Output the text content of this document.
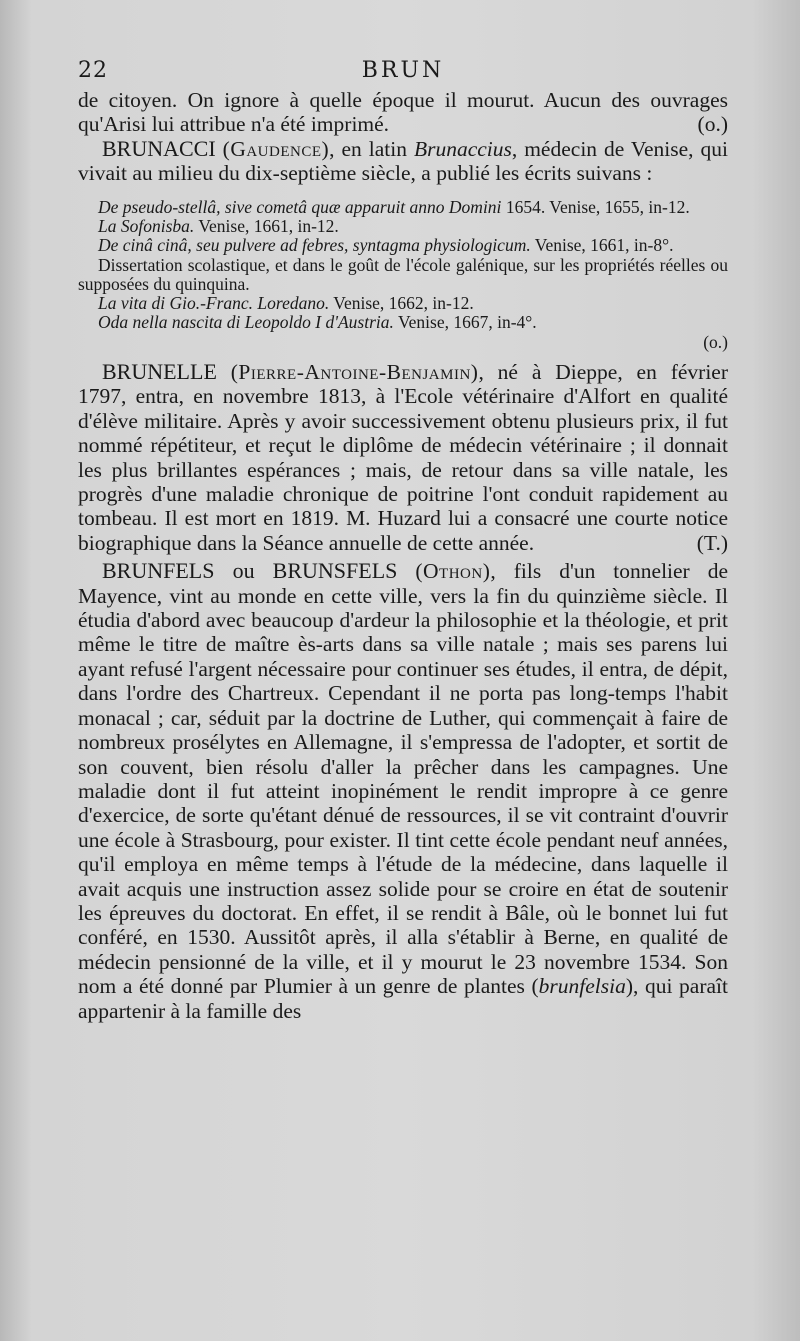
22	BRUN

de citoyen. On ignore à quelle époque il mourut. Aucun des ouvrages qu'Arisi lui attribue n'a été imprimé.	(o.)

BRUNACCI (Gaudence), en latin Brunaccius, médecin de Venise, qui vivait au milieu du dix-septième siècle, a publié les écrits suivans :

De pseudo-stellâ, sive cometâ quæ apparuit anno Domini 1654. Venise, 1655, in-12.

La Sofonisba. Venise, 1661, in-12.

De cinâ cinâ, seu pulvere ad febres, syntagma physiologicum. Venise, 1661, in-8°.

Dissertation scolastique, et dans le goût de l'école galénique, sur les propriétés réelles ou supposées du quinquina.

La vita di Gio.-Franc. Loredano. Venise, 1662, in-12.

Oda nella nascita di Leopoldo I d'Austria. Venise, 1667, in-4°.

(o.)

BRUNELLE (Pierre-Antoine-Benjamin), né à Dieppe, en février 1797, entra, en novembre 1813, à l'Ecole vétérinaire d'Alfort en qualité d'élève militaire. Après y avoir successivement obtenu plusieurs prix, il fut nommé répétiteur, et reçut le diplôme de médecin vétérinaire ; il donnait les plus brillantes espérances ; mais, de retour dans sa ville natale, les progrès d'une maladie chronique de poitrine l'ont conduit rapidement au tombeau. Il est mort en 1819. M. Huzard lui a consacré une courte notice biographique dans la Séance annuelle de cette année.	(T.)

BRUNFELS ou BRUNSFELS (Othon), fils d'un tonnelier de Mayence, vint au monde en cette ville, vers la fin du quinzième siècle. Il étudia d'abord avec beaucoup d'ardeur la philosophie et la théologie, et prit même le titre de maître ès-arts dans sa ville natale ; mais ses parens lui ayant refusé l'argent nécessaire pour continuer ses études, il entra, de dépit, dans l'ordre des Chartreux. Cependant il ne porta pas long-temps l'habit monacal ; car, séduit par la doctrine de Luther, qui commençait à faire de nombreux prosélytes en Allemagne, il s'empressa de l'adopter, et sortit de son couvent, bien résolu d'aller la prêcher dans les campagnes. Une maladie dont il fut atteint inopinément le rendit impropre à ce genre d'exercice, de sorte qu'étant dénué de ressources, il se vit contraint d'ouvrir une école à Strasbourg, pour exister. Il tint cette école pendant neuf années, qu'il employa en même temps à l'étude de la médecine, dans laquelle il avait acquis une instruction assez solide pour se croire en état de soutenir les épreuves du doctorat. En effet, il se rendit à Bâle, où le bonnet lui fut conféré, en 1530. Aussitôt après, il alla s'établir à Berne, en qualité de médecin pensionné de la ville, et il y mourut le 23 novembre 1534. Son nom a été donné par Plumier à un genre de plantes (brunfelsia), qui paraît appartenir à la famille des
